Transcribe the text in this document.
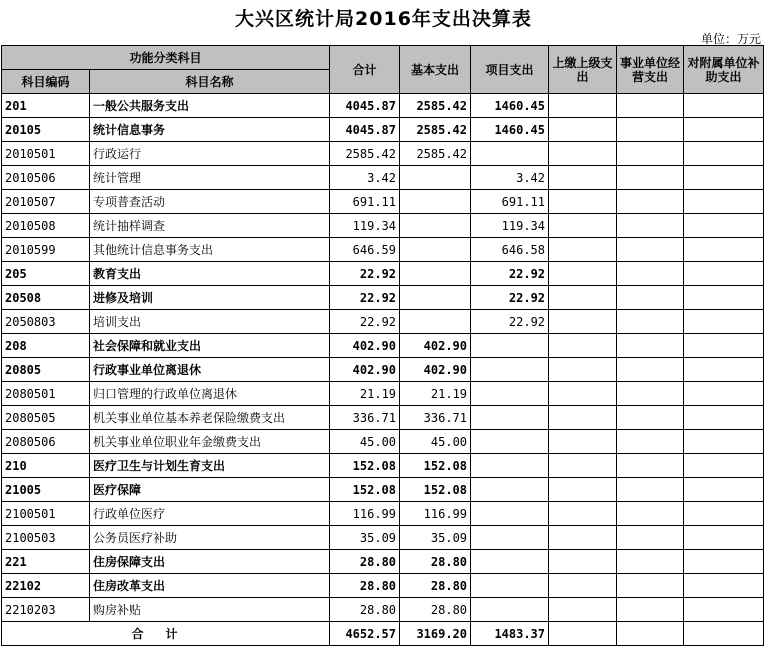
大兴区统计局2016年支出决算表
单位：万元
功能分类科目		合计	基本支出	项目支出	上缴上级支出	事业单位经营支出	对附属单位补助支出
科目编码	科目名称						
201	一般公共服务支出	4045.87	2585.42	1460.45			
20105	统计信息事务	4045.87	2585.42	1460.45			
2010501	行政运行	2585.42	2585.42				
2010506	统计管理	3.42		3.42			
2010507	专项普查活动	691.11		691.11			
2010508	统计抽样调查	119.34		119.34			
2010599	其他统计信息事务支出	646.59		646.58			
205	教育支出	22.92		22.92			
20508	进修及培训	22.92		22.92			
2050803	培训支出	22.92		22.92			
208	社会保障和就业支出	402.90	402.90				
20805	行政事业单位离退休	402.90	402.90				
2080501	归口管理的行政单位离退休	21.19	21.19				
2080505	机关事业单位基本养老保险缴费支出	336.71	336.71				
2080506	机关事业单位职业年金缴费支出	45.00	45.00				
210	医疗卫生与计划生育支出	152.08	152.08				
21005	医疗保障	152.08	152.08				
2100501	行政单位医疗	116.99	116.99				
2100503	公务员医疗补助	35.09	35.09				
221	住房保障支出	28.80	28.80				
22102	住房改革支出	28.80	28.80				
2210203	购房补贴	28.80	28.80				
合计		4652.57	3169.20	1483.37			
